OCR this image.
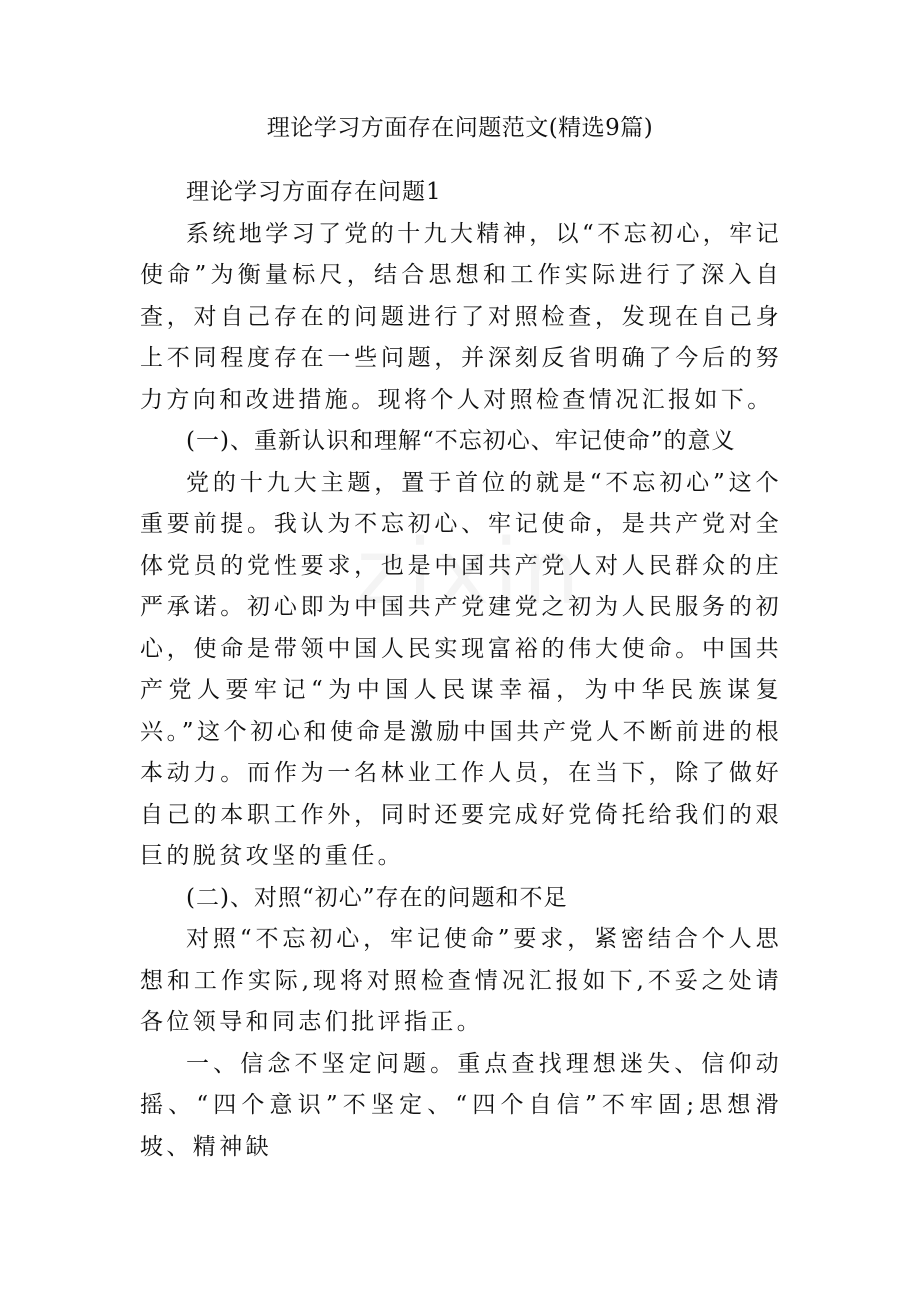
理论学习方面存在问题范文(精选9篇)

理论学习方面存在问题1

系统地学习了党的十九大精神，以“不忘初心，牢记使命”为衡量标尺，结合思想和工作实际进行了深入自查，对自己存在的问题进行了对照检查，发现在自己身上不同程度存在一些问题，并深刻反省明确了今后的努力方向和改进措施。现将个人对照检查情况汇报如下。

(一)、重新认识和理解“不忘初心、牢记使命”的意义

党的十九大主题，置于首位的就是“不忘初心”这个重要前提。我认为不忘初心、牢记使命，是共产党对全体党员的党性要求，也是中国共产党人对人民群众的庄严承诺。初心即为中国共产党建党之初为人民服务的初心，使命是带领中国人民实现富裕的伟大使命。中国共产党人要牢记“为中国人民谋幸福，为中华民族谋复兴。”这个初心和使命是激励中国共产党人不断前进的根本动力。而作为一名林业工作人员，在当下，除了做好自己的本职工作外，同时还要完成好党倚托给我们的艰巨的脱贫攻坚的重任。

(二)、对照“初心”存在的问题和不足

对照“不忘初心，牢记使命”要求，紧密结合个人思想和工作实际,现将对照检查情况汇报如下,不妥之处请各位领导和同志们批评指正。

一、信念不坚定问题。重点查找理想迷失、信仰动摇、“四个意识”不坚定、“四个自信”不牢固;思想滑坡、精神缺
